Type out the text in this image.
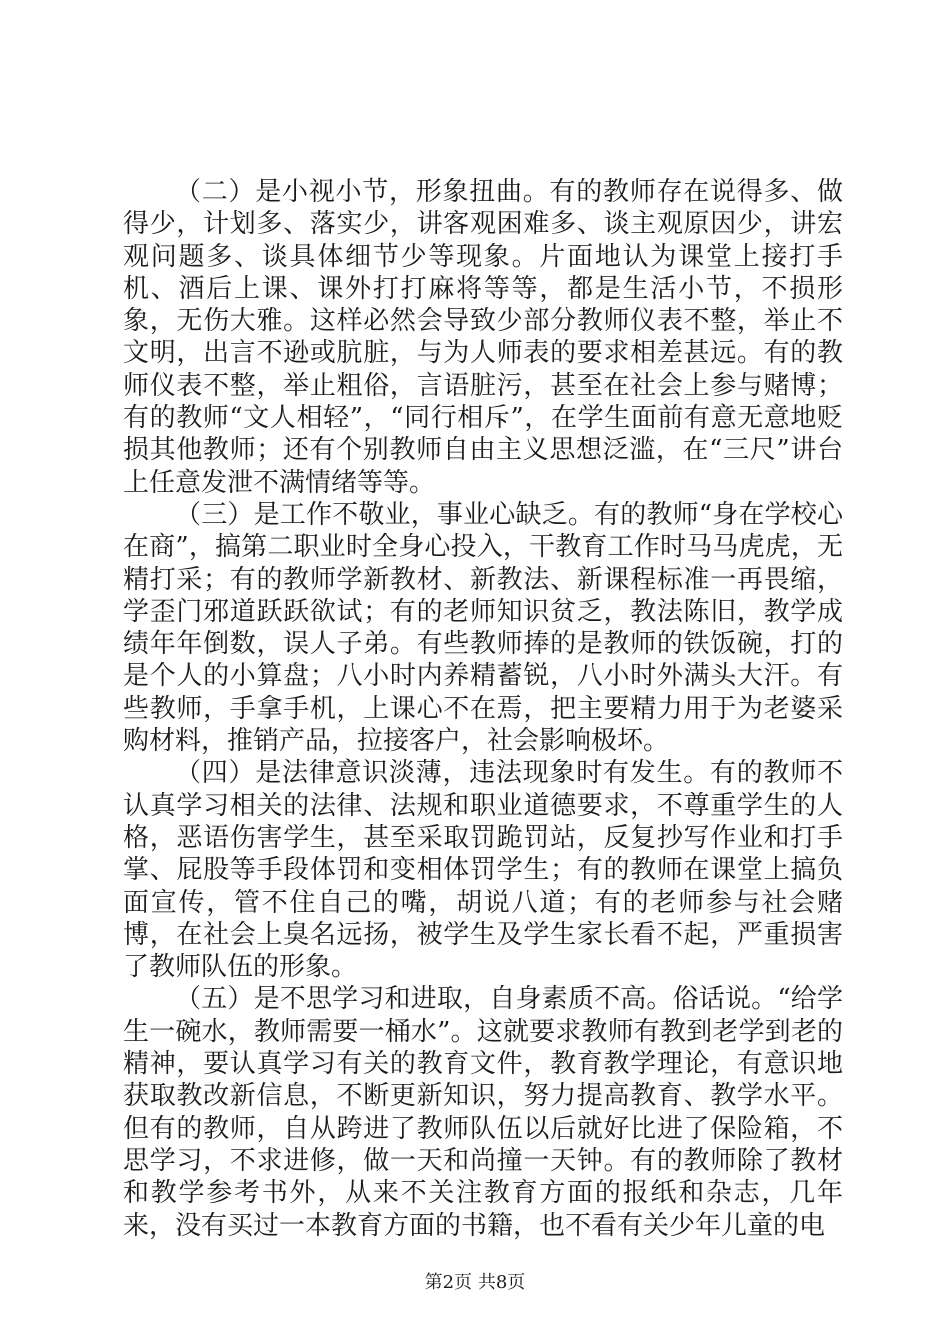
（二）是小视小节，形象扭曲。有的教师存在说得多、做得少，计划多、落实少，讲客观困难多、谈主观原因少，讲宏观问题多、谈具体细节少等现象。片面地认为课堂上接打手机、酒后上课、课外打打麻将等等，都是生活小节，不损形象，无伤大雅。这样必然会导致少部分教师仪表不整，举止不文明，出言不逊或肮脏，与为人师表的要求相差甚远。有的教师仪表不整，举止粗俗，言语脏污，甚至在社会上参与赌博；有的教师“文人相轻”，“同行相斥”，在学生面前有意无意地贬损其他教师；还有个别教师自由主义思想泛滥，在“三尺”讲台上任意发泄不满情绪等等。

（三）是工作不敬业，事业心缺乏。有的教师“身在学校心在商”，搞第二职业时全身心投入，干教育工作时马马虎虎，无精打采；有的教师学新教材、新教法、新课程标准一再畏缩，学歪门邪道跃跃欲试；有的老师知识贫乏，教法陈旧，教学成绩年年倒数，误人子弟。有些教师捧的是教师的铁饭碗，打的是个人的小算盘；八小时内养精蓄锐，八小时外满头大汗。有些教师，手拿手机，上课心不在焉，把主要精力用于为老婆采购材料，推销产品，拉接客户，社会影响极坏。

（四）是法律意识淡薄，违法现象时有发生。有的教师不认真学习相关的法律、法规和职业道德要求，不尊重学生的人格，恶语伤害学生，甚至采取罚跪罚站，反复抄写作业和打手掌、屁股等手段体罚和变相体罚学生；有的教师在课堂上搞负面宣传，管不住自己的嘴，胡说八道；有的老师参与社会赌博，在社会上臭名远扬，被学生及学生家长看不起，严重损害了教师队伍的形象。

（五）是不思学习和进取，自身素质不高。俗话说。“给学生一碗水，教师需要一桶水”。这就要求教师有教到老学到老的精神，要认真学习有关的教育文件，教育教学理论，有意识地获取教改新信息，不断更新知识，努力提高教育、教学水平。但有的教师，自从跨进了教师队伍以后就好比进了保险箱，不思学习，不求进修，做一天和尚撞一天钟。有的教师除了教材和教学参考书外，从来不关注教育方面的报纸和杂志，几年来，没有买过一本教育方面的书籍，也不看有关少年儿童的电

第2页 共8页
